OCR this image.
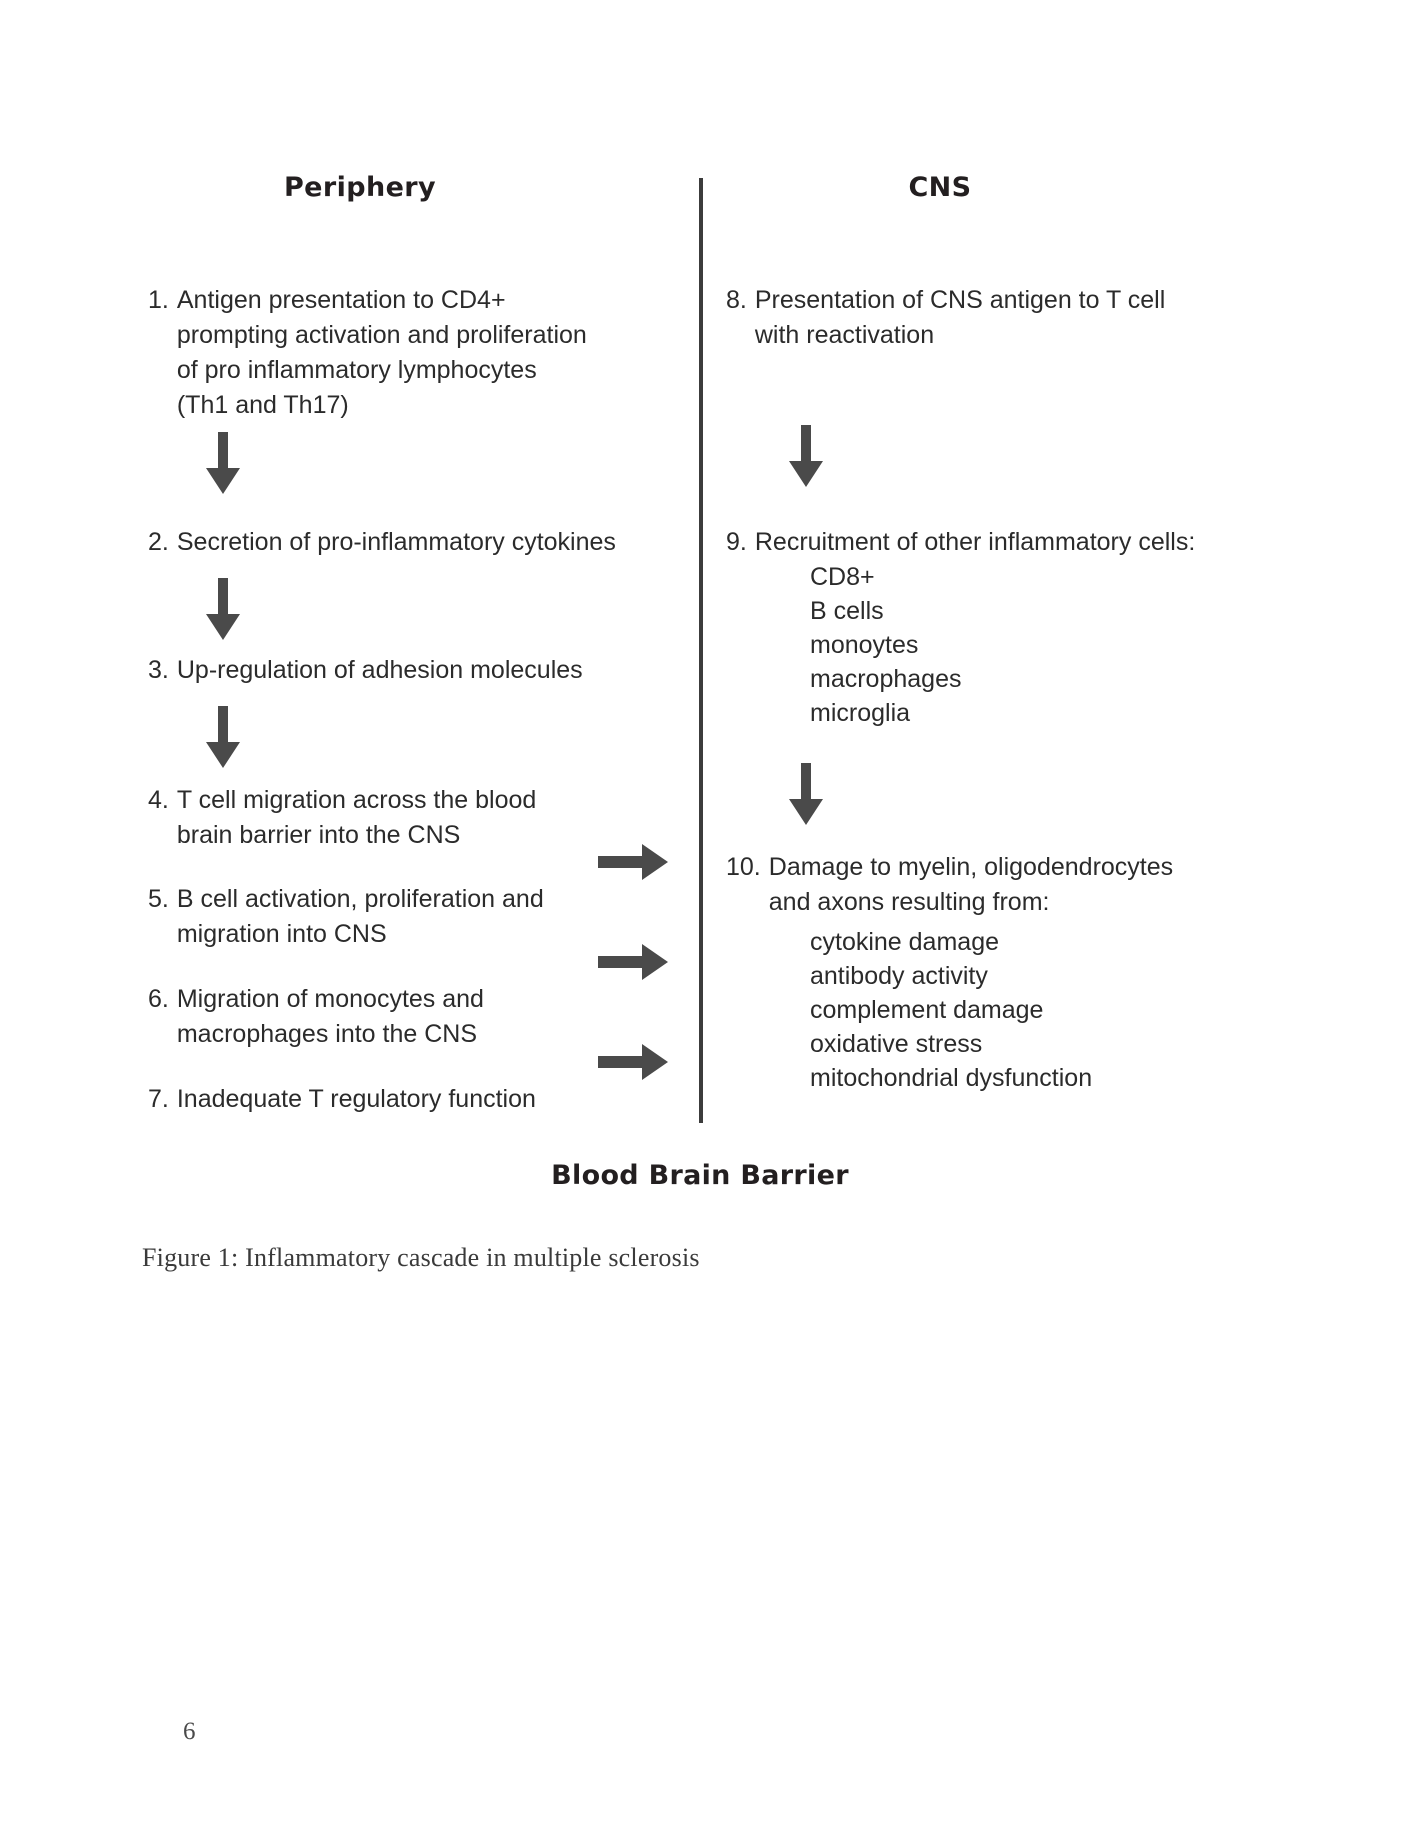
Periphery	CNS
1. Antigen presentation to CD4+
prompting activation and proliferation
of pro inflammatory lymphocytes
(Th1 and Th17)
2. Secretion of pro-inflammatory cytokines
3. Up-regulation of adhesion molecules
4. T cell migration across the blood
brain barrier into the CNS
5. B cell activation, proliferation and
migration into CNS
6. Migration of monocytes and
macrophages into the CNS
7. Inadequate T regulatory function
8. Presentation of CNS antigen to T cell
with reactivation
9. Recruitment of other inflammatory cells:
CD8+
B cells
monoytes
macrophages
microglia
10. Damage to myelin, oligodendrocytes
and axons resulting from:
cytokine damage
antibody activity
complement damage
oxidative stress
mitochondrial dysfunction
Blood Brain Barrier
Figure 1: Inflammatory cascade in multiple sclerosis
6
